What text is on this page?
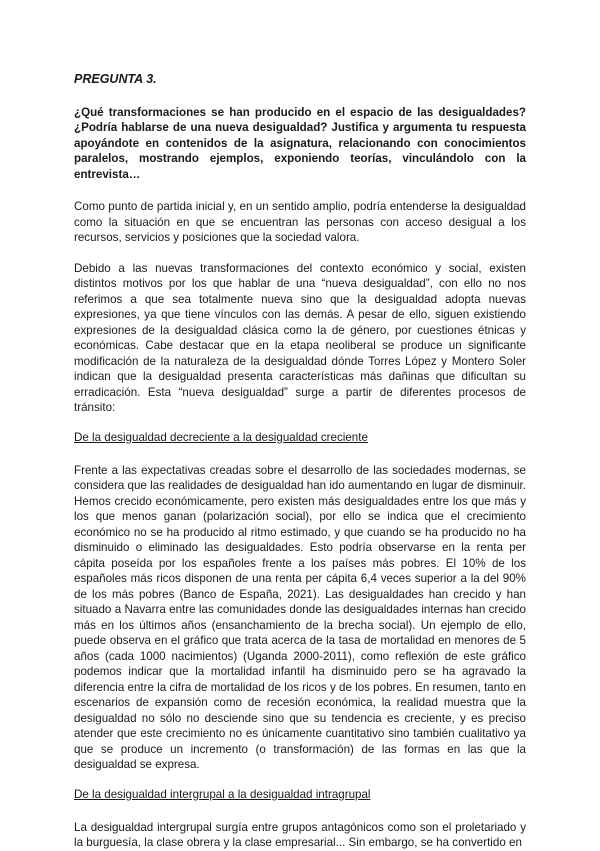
PREGUNTA 3.
¿Qué transformaciones se han producido en el espacio de las desigualdades? ¿Podría hablarse de una nueva desigualdad? Justifica y argumenta tu respuesta apoyándote en contenidos de la asignatura, relacionando con conocimientos paralelos, mostrando ejemplos, exponiendo teorías, vinculándolo con la entrevista…

Como punto de partida inicial y, en un sentido amplio, podría entenderse la desigualdad como la situación en que se encuentran las personas con acceso desigual a los recursos, servicios y posiciones que la sociedad valora.

Debido a las nuevas transformaciones del contexto económico y social, existen distintos motivos por los que hablar de una “nueva desigualdad”, con ello no nos referimos a que sea totalmente nueva sino que la desigualdad adopta nuevas expresiones, ya que tiene vínculos con las demás. A pesar de ello, siguen existiendo expresiones de la desigualdad clásica como la de género, por cuestiones étnicas y económicas. Cabe destacar que en la etapa neoliberal se produce un significante modificación de la naturaleza de la desigualdad dónde Torres López y Montero Soler indican que la desigualdad presenta características más dañinas que dificultan su erradicación. Esta “nueva desigualdad” surge a partir de diferentes procesos de tránsito:

De la desigualdad decreciente a la desigualdad creciente

Frente a las expectativas creadas sobre el desarrollo de las sociedades modernas, se considera que las realidades de desigualdad han ido aumentando en lugar de disminuir. Hemos crecido económicamente, pero existen más desigualdades entre los que más y los que menos ganan (polarización social), por ello se indica que el crecimiento económico no se ha producido al ritmo estimado, y que cuando se ha producido no ha disminuido o eliminado las desigualdades. Esto podría observarse en la renta per cápita poseída por los españoles frente a los países más pobres. El 10% de los españoles más ricos disponen de una renta per cápita 6,4 veces superior a la del 90% de los más pobres (Banco de España, 2021). Las desigualdades han crecido y han situado a Navarra entre las comunidades donde las desigualdades internas han crecido más en los últimos años (ensanchamiento de la brecha social). Un ejemplo de ello, puede observa en el gráfico que trata acerca de la tasa de mortalidad en menores de 5 años (cada 1000 nacimientos) (Uganda 2000-2011), como reflexión de este gráfico podemos indicar que la mortalidad infantil ha disminuido pero se ha agravado la diferencia entre la cifra de mortalidad de los ricos y de los pobres. En resumen, tanto en escenarios de expansión como de recesión económica, la realidad muestra que la desigualdad no sólo no desciende sino que su tendencia es creciente, y es preciso atender que este crecimiento no es únicamente cuantitativo sino también cualitativo ya que se produce un incremento (o transformación) de las formas en las que la desigualdad se expresa.

De la desigualdad intergrupal a la desigualdad intragrupal

La desigualdad intergrupal surgía entre grupos antagónicos como son el proletariado y la burguesía, la clase obrera y la clase empresarial... Sin embargo, se ha convertido en
